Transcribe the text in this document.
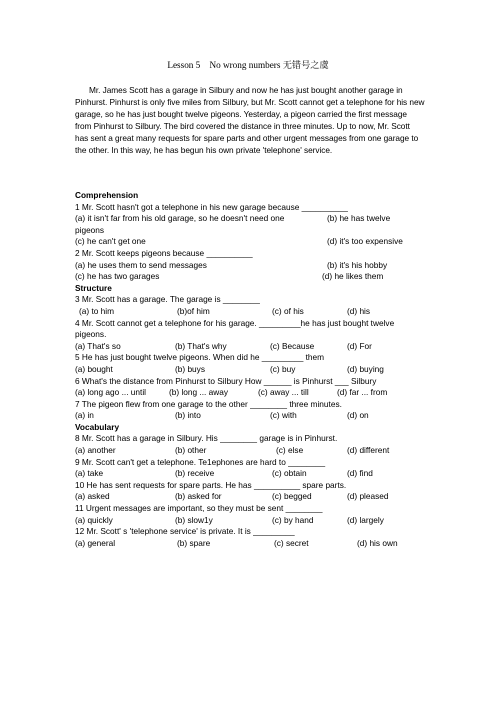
Lesson 5    No wrong numbers 无错号之虞
Mr. James Scott has a garage in Silbury and now he has just bought another garage in Pinhurst. Pinhurst is only five miles from Silbury, but Mr. Scott cannot get a telephone for his new garage, so he has just bought twelve pigeons. Yesterday, a pigeon carried the first message from Pinhurst to Silbury. The bird covered the distance in three minutes. Up to now, Mr. Scott has sent a great many requests for spare parts and other urgent messages from one garage to the other. In this way, he has begun his own private 'telephone' service.
Comprehension
1 Mr. Scott hasn't got a telephone in his new garage because __________
(a) it isn't far from his old garage, so he doesn't need one	(b) he has twelve
pigeons
(c) he can't get one	(d) it's too expensive
2 Mr. Scott keeps pigeons because __________
(a) he uses them to send messages	(b) it's his hobby
(c) he has two garages	(d) he likes them
Structure
3 Mr. Scott has a garage. The garage is ________
(a) to him	(b)of him	(c) of his	(d) his
4 Mr. Scott cannot get a telephone for his garage. _________he has just bought twelve pigeons.
(a) That's so	(b) That's why	(c) Because	(d) For
5 He has just bought twelve pigeons. When did he _________ them
(a) bought	(b) buys	(c) buy	(d) buying
6 What's the distance from Pinhurst to Silbury How ______ is Pinhurst ___ Silbury
(a) long ago ... until	(b) long ... away	(c) away ... till	(d) far ... from
7 The pigeon flew from one garage to the other ________ three minutes.
(a) in	(b) into	(c) with	(d) on
Vocabulary
8 Mr. Scott has a garage in Silbury. His ________ garage is in Pinhurst.
(a) another	(b) other	(c) else	(d) different
9 Mr. Scott can't get a telephone. Te1ephones are hard to ________
(a) take	(b) receive	(c) obtain	(d) find
10 He has sent requests for spare parts. He has __________ spare parts.
(a) asked	(b) asked for	(c) begged	(d) pleased
11 Urgent messages are important, so they must be sent ________
(a) quickly	(b) slow1y	(c) by hand	(d) largely
12 Mr. Scott' s 'telephone service' is private. It is _________
(a) general	(b) spare	(c) secret	(d) his own
